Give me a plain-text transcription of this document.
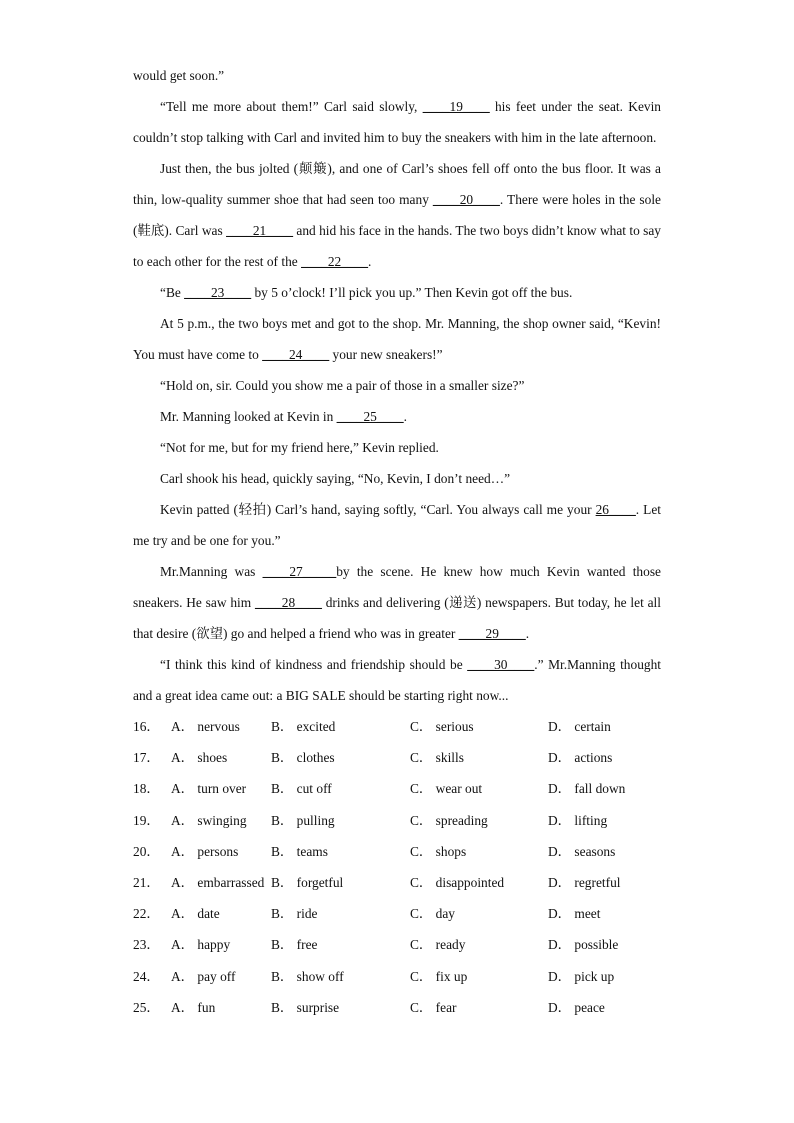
would get soon.”

“Tell me more about them!” Carl said slowly, ____19____ his feet under the seat. Kevin couldn’t stop talking with Carl and invited him to buy the sneakers with him in the late afternoon.

Just then, the bus jolted (颠簸), and one of Carl’s shoes fell off onto the bus floor. It was a thin, low-quality summer shoe that had seen too many ____20____. There were holes in the sole (鞋底). Carl was ____21____ and hid his face in the hands. The two boys didn’t know what to say to each other for the rest of the ____22____.

“Be ____23____ by 5 o’clock! I’ll pick you up.” Then Kevin got off the bus.

At 5 p.m., the two boys met and got to the shop. Mr. Manning, the shop owner said, “Kevin! You must have come to ____24____ your new sneakers!”

“Hold on, sir. Could you show me a pair of those in a smaller size?”

Mr. Manning looked at Kevin in ____25____.

“Not for me, but for my friend here,” Kevin replied.

Carl shook his head, quickly saying, “No, Kevin, I don’t need…”

Kevin patted (轻拍) Carl’s hand, saying softly, “Carl. You always call me your 26____. Let me try and be one for you.”

Mr.Manning was ____27_____by the scene. He knew how much Kevin wanted those sneakers. He saw him ____28____ drinks and delivering (递送) newspapers. But today, he let all that desire (欲望) go and helped a friend who was in greater ____29____.

“I think this kind of kindness and friendship should be ____30____.” Mr.Manning thought and a great idea came out: a BIG SALE should be starting right now...

16． A． nervous B． excited	C． serious	D． certain
17． A． shoes	B． clothes	C． skills	D． actions
18． A． turn over B． cut off	C． wear out	D． fall down
19． A． swinging B． pulling	C． spreading	D． lifting
20． A． persons B． teams	C． shops	D． seasons
21． A． embarrassed B． forgetful	C． disappointed	D． regretful
22． A． date	B． ride	C． day	D． meet
23． A． happy	B． free	C． ready	D． possible
24． A． pay off	B． show off	C． fix up	D． pick up
25． A． fun	B． surprise	C． fear	D． peace
